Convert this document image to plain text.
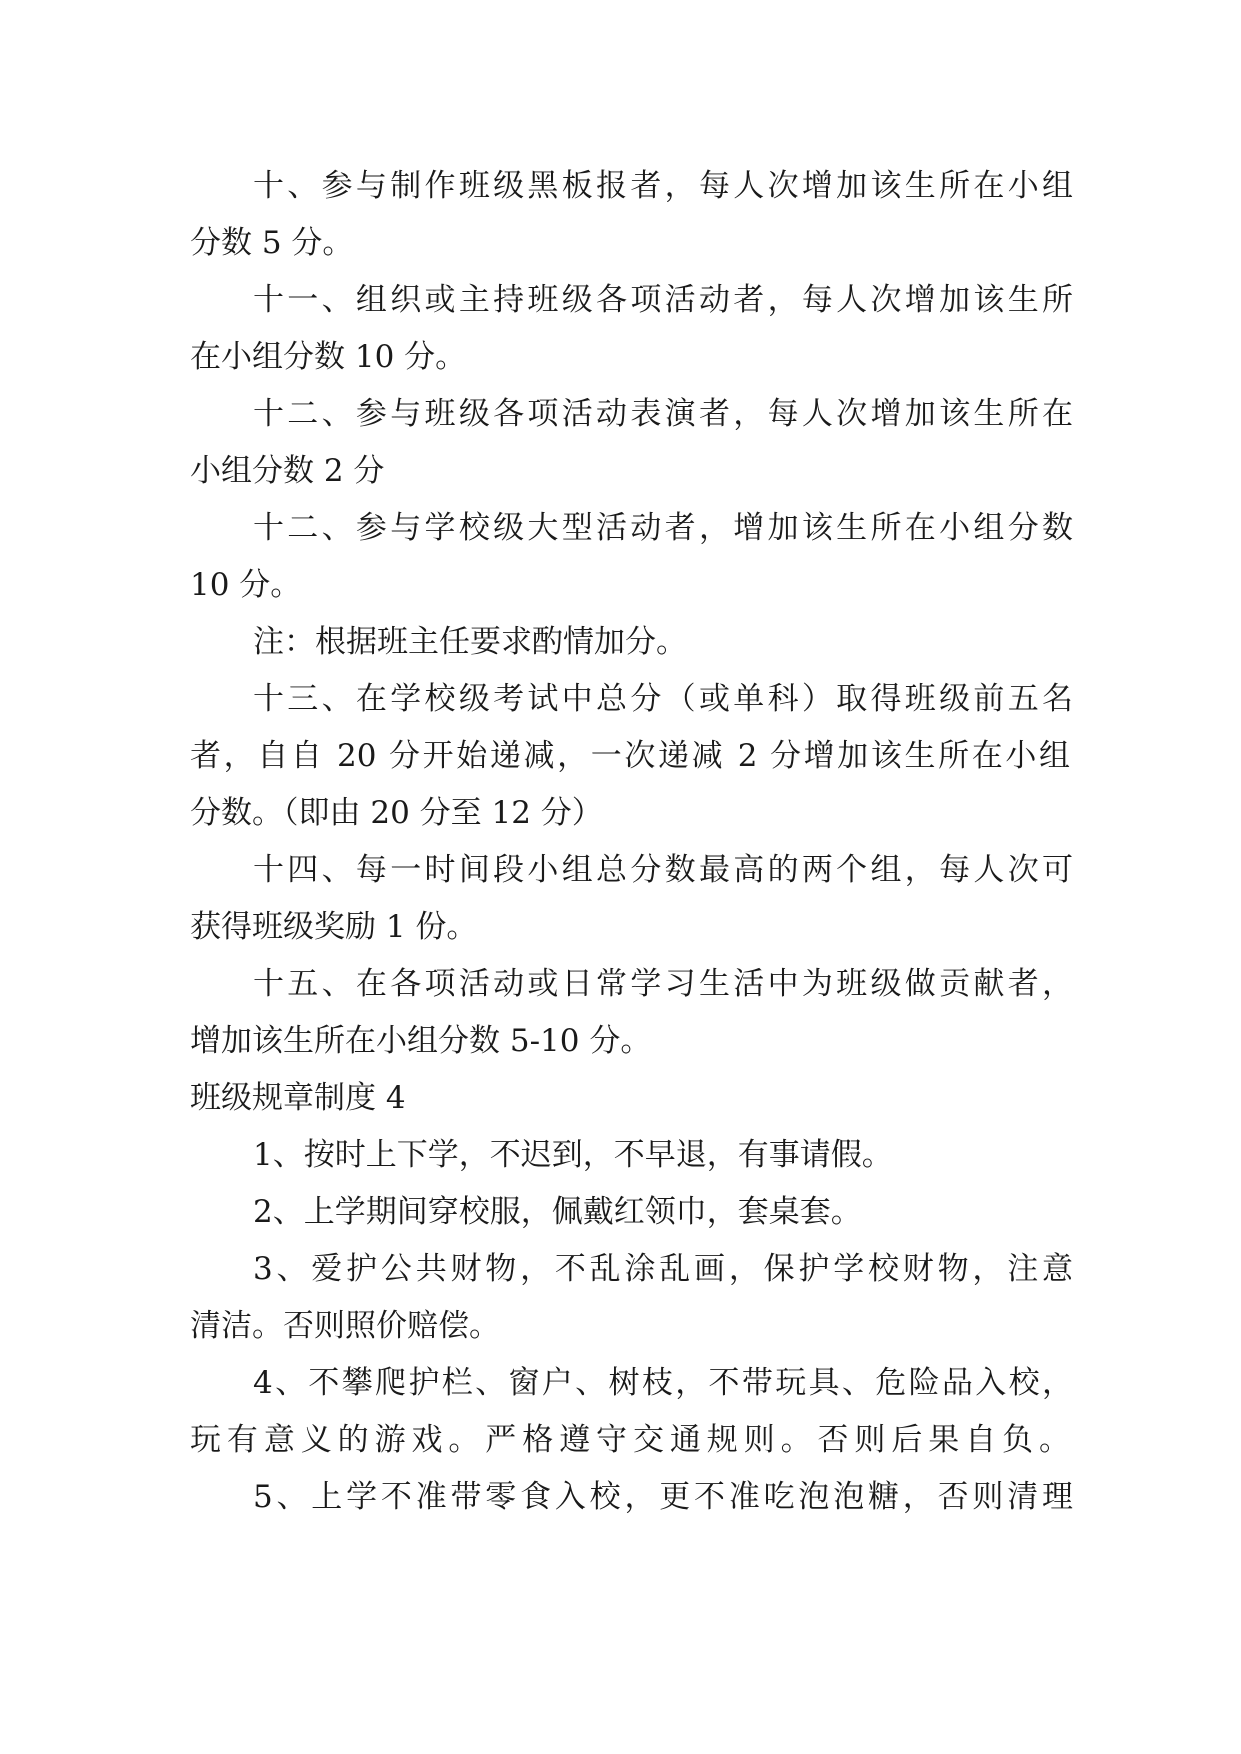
十、参与制作班级黑板报者，每人次增加该生所在小组
分数 5 分。
十一、组织或主持班级各项活动者，每人次增加该生所
在小组分数 10 分。
十二、参与班级各项活动表演者，每人次增加该生所在
小组分数 2 分
十二、参与学校级大型活动者，增加该生所在小组分数
10 分。
注：根据班主任要求酌情加分。
十三、在学校级考试中总分（或单科）取得班级前五名
者，自自 20 分开始递减，一次递减 2 分增加该生所在小组
分数。（即由 20 分至 12 分）
十四、每一时间段小组总分数最高的两个组，每人次可
获得班级奖励 1 份。
十五、在各项活动或日常学习生活中为班级做贡献者，
增加该生所在小组分数 5-10 分。
班级规章制度 4
1、按时上下学，不迟到，不早退，有事请假。
2、上学期间穿校服，佩戴红领巾，套桌套。
3、爱护公共财物，不乱涂乱画，保护学校财物，注意
清洁。否则照价赔偿。
4、不攀爬护栏、窗户、树枝，不带玩具、危险品入校，
玩有意义的游戏。严格遵守交通规则。否则后果自负。
5、上学不准带零食入校，更不准吃泡泡糖，否则清理
